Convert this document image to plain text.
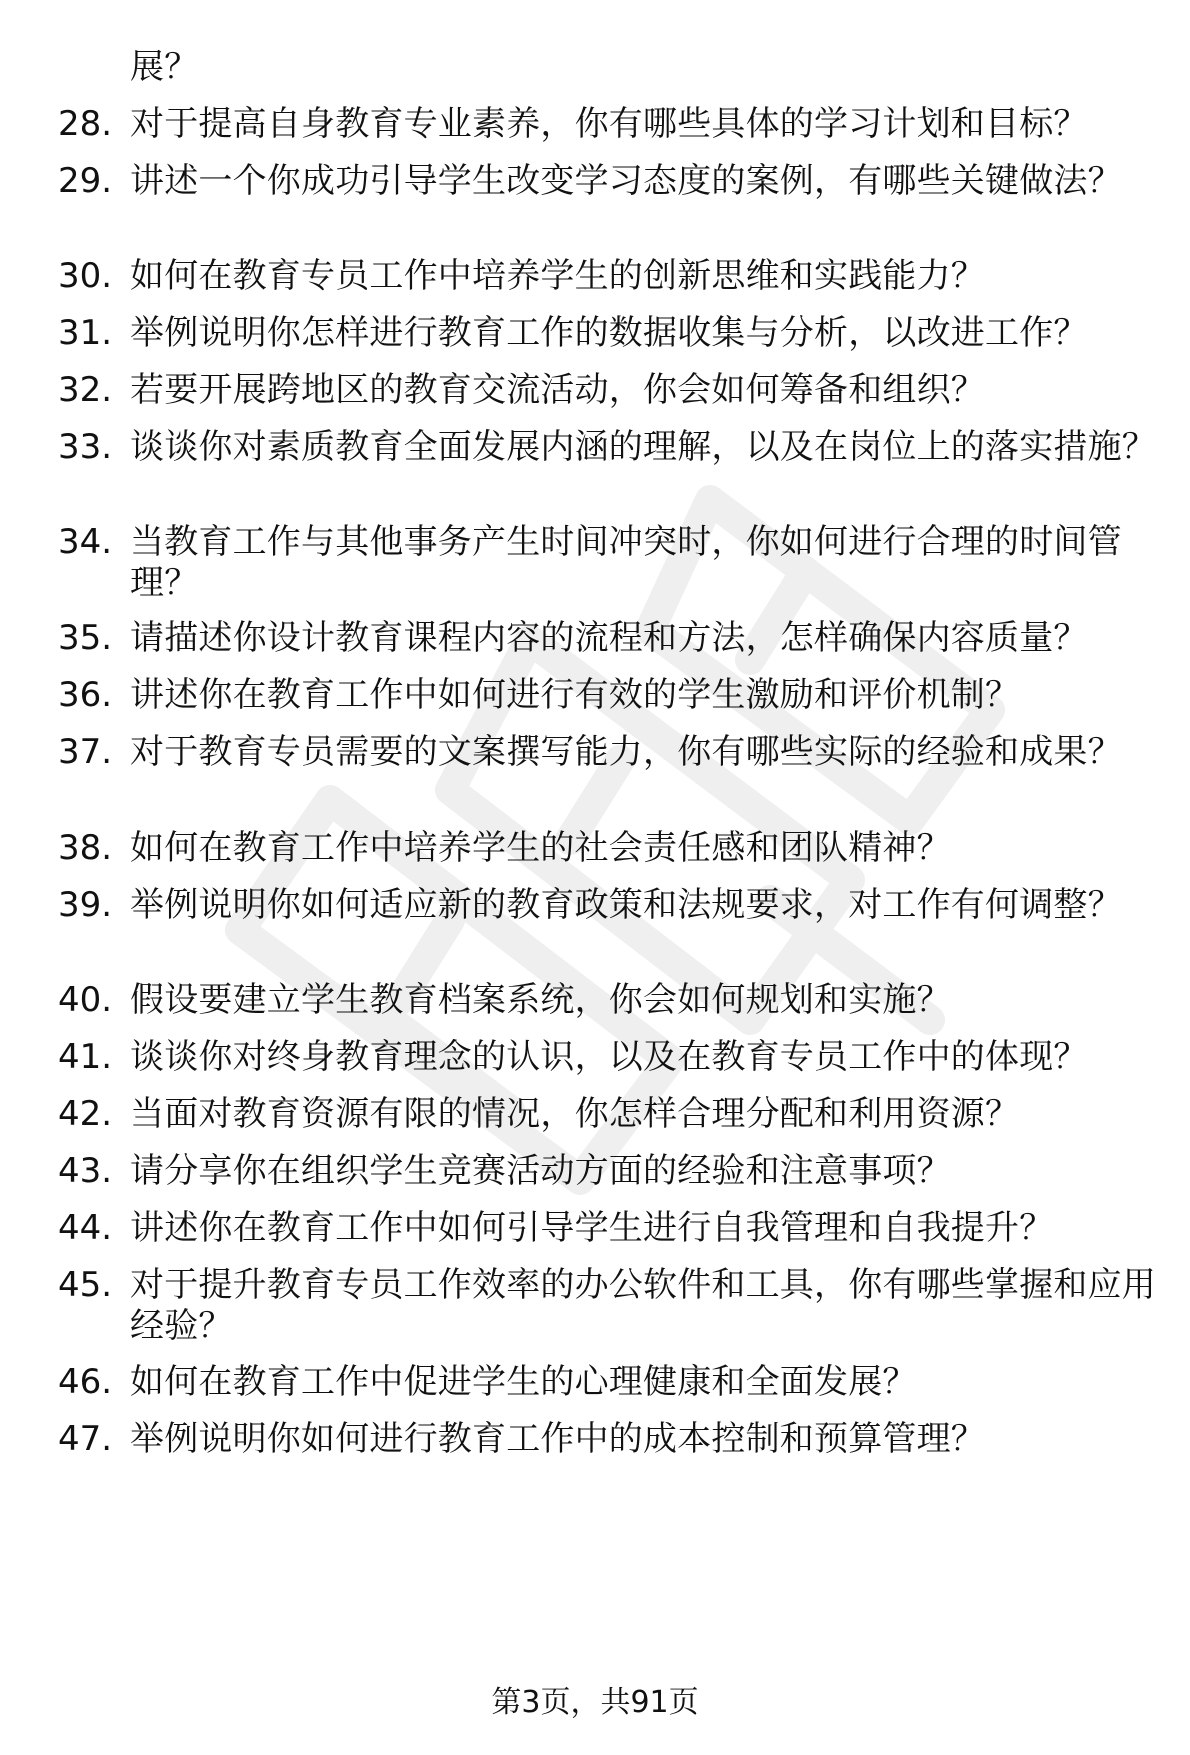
展？
28. 对于提高自身教育专业素养，你有哪些具体的学习计划和目标？
29. 讲述一个你成功引导学生改变学习态度的案例，有哪些关键做法？
30. 如何在教育专员工作中培养学生的创新思维和实践能力？
31. 举例说明你怎样进行教育工作的数据收集与分析，以改进工作？
32. 若要开展跨地区的教育交流活动，你会如何筹备和组织？
33. 谈谈你对素质教育全面发展内涵的理解，以及在岗位上的落实措施？
34. 当教育工作与其他事务产生时间冲突时，你如何进行合理的时间管理？
35. 请描述你设计教育课程内容的流程和方法，怎样确保内容质量？
36. 讲述你在教育工作中如何进行有效的学生激励和评价机制？
37. 对于教育专员需要的文案撰写能力，你有哪些实际的经验和成果？
38. 如何在教育工作中培养学生的社会责任感和团队精神？
39. 举例说明你如何适应新的教育政策和法规要求，对工作有何调整？
40. 假设要建立学生教育档案系统，你会如何规划和实施？
41. 谈谈你对终身教育理念的认识，以及在教育专员工作中的体现？
42. 当面对教育资源有限的情况，你怎样合理分配和利用资源？
43. 请分享你在组织学生竞赛活动方面的经验和注意事项？
44. 讲述你在教育工作中如何引导学生进行自我管理和自我提升？
45. 对于提升教育专员工作效率的办公软件和工具，你有哪些掌握和应用经验？
46. 如何在教育工作中促进学生的心理健康和全面发展？
47. 举例说明你如何进行教育工作中的成本控制和预算管理？
第3页，共91页
